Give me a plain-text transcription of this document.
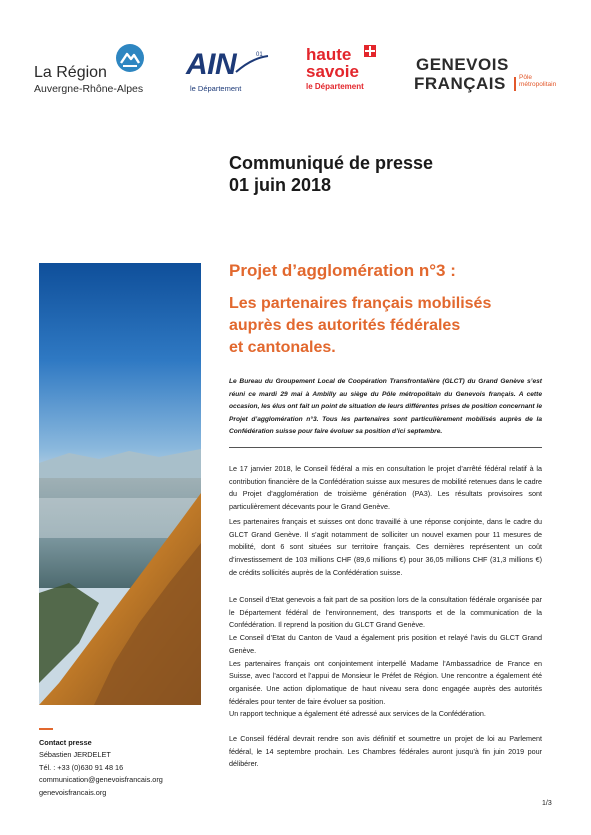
La Région
Auvergne-Rhône-Alpes
AIN	01
le Département
haute
savoie
le Département
GENEVOIS
FRANÇAIS Pôle
métropolitain
Communiqué de presse
01 juin 2018
Projet d’agglomération n°3 :
Les partenaires français mobilisés
auprès des autorités fédérales
et cantonales.
Le Bureau du Groupement Local de Coopération Transfrontalière (GLCT) du Grand Genève s’est réuni ce mardi 29 mai à Ambilly au siège du Pôle métropolitain du Genevois français. A cette occasion, les élus ont fait un point de situation de leurs différentes prises de position concernant le Projet d’agglomération n°3. Tous les partenaires sont particulièrement mobilisés auprès de la Confédération suisse pour faire évoluer sa position d’ici septembre.
Le 17 janvier 2018, le Conseil fédéral a mis en consultation le projet d’arrêté fédéral relatif à la contribution financière de la Confédération suisse aux mesures de mobilité retenues dans le cadre du Projet d’agglomération de troisième génération (PA3). Les résultats provisoires sont particulièrement décevants pour le Grand Genève.
Les partenaires français et suisses ont donc travaillé à une réponse conjointe, dans le cadre du GLCT Grand Genève. Il s’agit notamment de solliciter un nouvel examen pour 11 mesures de mobilité, dont 6 sont situées sur territoire français. Ces dernières représentent un coût d’investissement de 103 millions CHF (89,6 millions €) pour 36,05 millions CHF (31,3 millions €) de crédits sollicités auprès de la Confédération suisse.
Le Conseil d’Etat genevois a fait part de sa position lors de la consultation fédérale organisée par le Département fédéral de l’environnement, des transports et de la communication de la Confédération. Il reprend la position du GLCT Grand Genève.
Le Conseil d’Etat du Canton de Vaud a également pris position et relayé l’avis du GLCT Grand Genève.
Les partenaires français ont conjointement interpellé Madame l’Ambassadrice de France en Suisse, avec l’accord et l’appui de Monsieur le Préfet de Région. Une rencontre a également été organisée. Une action diplomatique de haut niveau sera donc engagée auprès des autorités fédérales pour tenter de faire évoluer sa position.
Un rapport technique a également été adressé aux services de la Confédération.
Le Conseil fédéral devrait rendre son avis définitif et soumettre un projet de loi au Parlement fédéral, le 14 septembre prochain. Les Chambres fédérales auront jusqu’à fin juin 2019 pour délibérer.
Contact presse
Sébastien JERDELET
Tél. : +33 (0)630 91 48 16
communication@genevoisfrancais.org
genevoisfrancais.org
1/3
